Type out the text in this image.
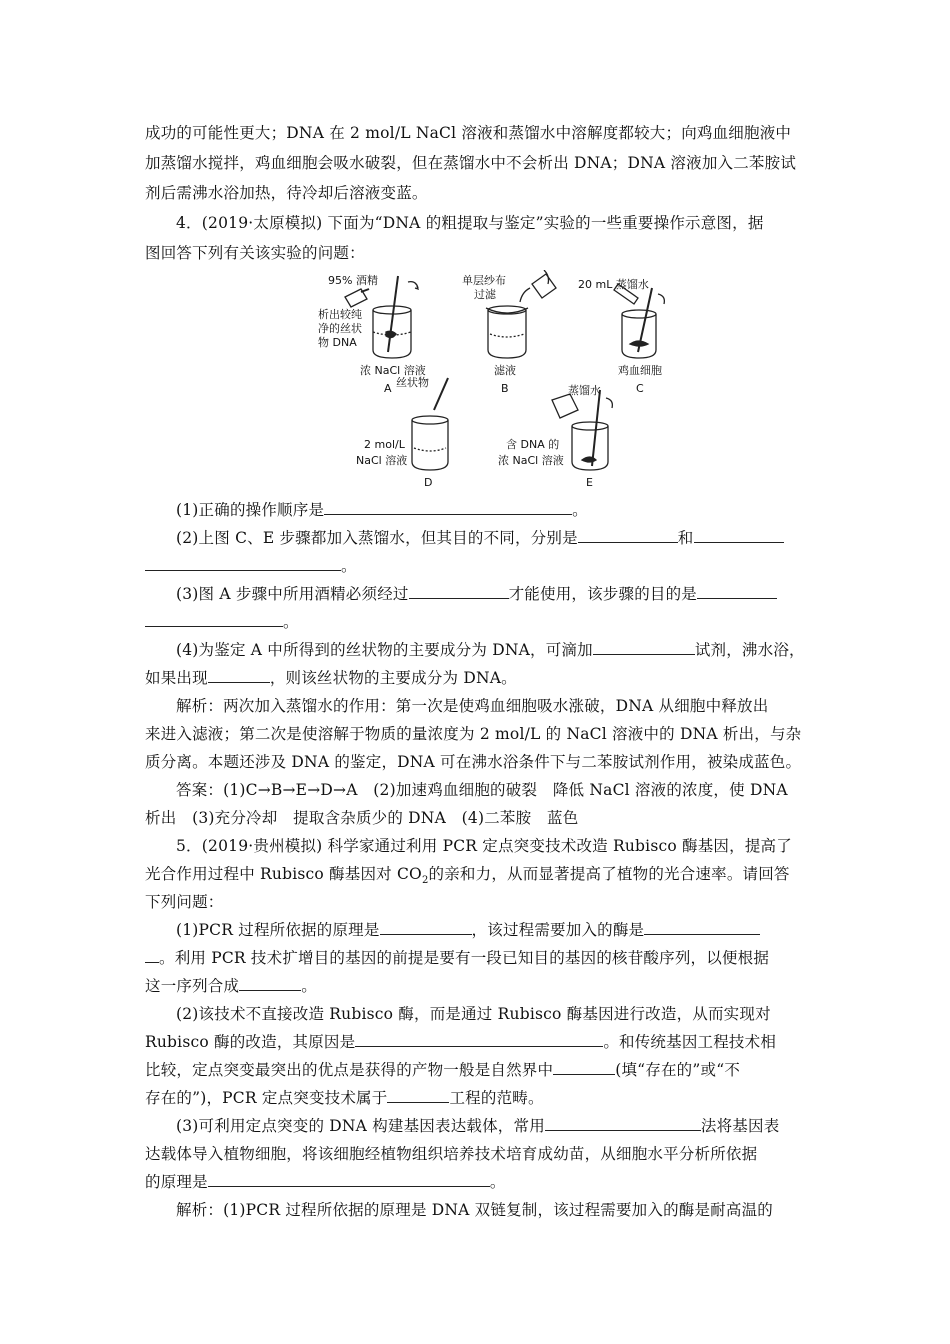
成功的可能性更大；DNA 在 2 mol/L NaCl 溶液和蒸馏水中溶解度都较大；向鸡血细胞液中
加蒸馏水搅拌，鸡血细胞会吸水破裂，但在蒸馏水中不会析出 DNA；DNA 溶液加入二苯胺试
剂后需沸水浴加热，待冷却后溶液变蓝。
4．(2019·太原模拟) 下面为“DNA 的粗提取与鉴定”实验的一些重要操作示意图，据
图回答下列有关该实验的问题：
95% 酒精
析出较纯
净的丝状
物 DNA
浓 NaCl 溶液
A
单层纱布
过滤
滤液
B
20 mL 蒸馏水
鸡血细胞
C
丝状物
2 mol/L
NaCl 溶液
D
蒸馏水
含 DNA 的
浓 NaCl 溶液
E
(1)正确的操作顺序是	。
(2)上图 C、E 步骤都加入蒸馏水，但其目的不同，分别是	和
。
(3)图 A 步骤中所用酒精必须经过	才能使用，该步骤的目的是
。
(4)为鉴定 A 中所得到的丝状物的主要成分为 DNA，可滴加	试剂，沸水浴，
如果出现	，则该丝状物的主要成分为 DNA。
解析：两次加入蒸馏水的作用：第一次是使鸡血细胞吸水涨破，DNA 从细胞中释放出
来进入滤液；第二次是使溶解于物质的量浓度为 2 mol/L 的 NaCl 溶液中的 DNA 析出，与杂
质分离。本题还涉及 DNA 的鉴定，DNA 可在沸水浴条件下与二苯胺试剂作用，被染成蓝色。
答案：(1)C→B→E→D→A　(2)加速鸡血细胞的破裂　降低 NaCl 溶液的浓度，使 DNA
析出　(3)充分冷却　提取含杂质少的 DNA　(4)二苯胺　蓝色
5．(2019·贵州模拟) 科学家通过利用 PCR 定点突变技术改造 Rubisco 酶基因，提高了
光合作用过程中 Rubisco 酶基因对 $CO_2$的亲和力，从而显著提高了植物的光合速率。请回答
下列问题：
(1)PCR 过程所依据的原理是	，该过程需要加入的酶是
。利用 PCR 技术扩增目的基因的前提是要有一段已知目的基因的核苷酸序列，以便根据
这一序列合成	。
(2)该技术不直接改造 Rubisco 酶，而是通过 Rubisco 酶基因进行改造，从而实现对
Rubisco 酶的改造，其原因是	。和传统基因工程技术相
比较，定点突变最突出的优点是获得的产物一般是自然界中	(填“存在的”或“不
存在的”)，PCR 定点突变技术属于	工程的范畴。
(3)可利用定点突变的 DNA 构建基因表达载体，常用	法将基因表
达载体导入植物细胞，将该细胞经植物组织培养技术培育成幼苗，从细胞水平分析所依据
的原理是	。
解析：(1)PCR 过程所依据的原理是 DNA 双链复制，该过程需要加入的酶是耐高温的
